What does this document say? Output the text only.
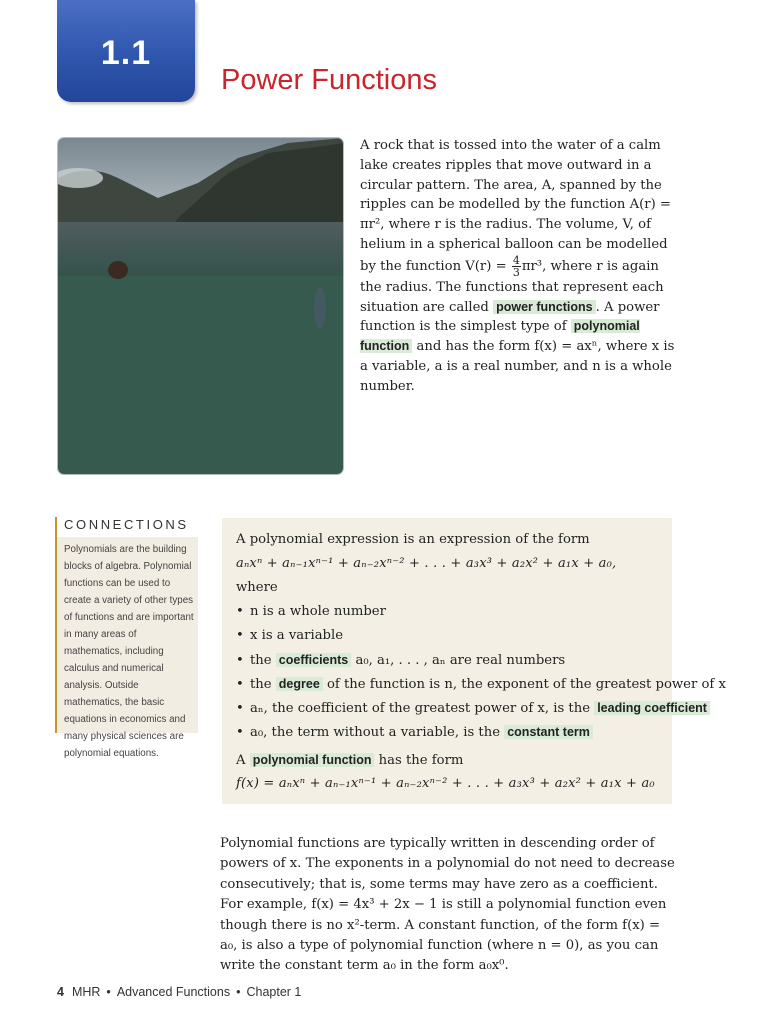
1.1
Power Functions
A rock that is tossed into the water of a calm lake creates ripples that move outward in a circular pattern. The area, A, spanned by the ripples can be modelled by the function A(r) = πr², where r is the radius. The volume, V, of helium in a spherical balloon can be modelled by the function $V(r) = \frac{4}{3} \pi r^3$, where r is again the radius. The functions that represent each situation are called power functions . A power function is the simplest type of polynomial function and has the form f(x) = axⁿ, where x is a variable, a is a real number, and n is a whole number.
CONNECTIONS
Polynomials are the building blocks of algebra. Polynomial functions can be used to create a variety of other types of functions and are important in many areas of mathematics, including calculus and numerical analysis. Outside mathematics, the basic equations in economics and many physical sciences are polynomial equations.
A polynomial expression is an expression of the form
aₙxⁿ + aₙ₋₁xⁿ⁻¹ + aₙ₋₂xⁿ⁻² + . . . + a₃x³ + a₂x² + a₁x + a₀,
where
• n is a whole number
• x is a variable
• the coefficients a₀, a₁, . . . , aₙ are real numbers
• the degree of the function is n, the exponent of the greatest power of x
• aₙ, the coefficient of the greatest power of x, is the leading coefficient
• a₀, the term without a variable, is the constant term
A polynomial function has the form
f(x) = aₙxⁿ + aₙ₋₁xⁿ⁻¹ + aₙ₋₂xⁿ⁻² + . . . + a₃x³ + a₂x² + a₁x + a₀
Polynomial functions are typically written in descending order of powers of x. The exponents in a polynomial do not need to decrease consecutively; that is, some terms may have zero as a coefficient. For example, f(x) = 4x³ + 2x − 1 is still a polynomial function even though there is no x²-term. A constant function, of the form f(x) = a₀, is also a type of polynomial function (where n = 0), as you can write the constant term a₀ in the form a₀x⁰.
4 MHR • Advanced Functions • Chapter 1
